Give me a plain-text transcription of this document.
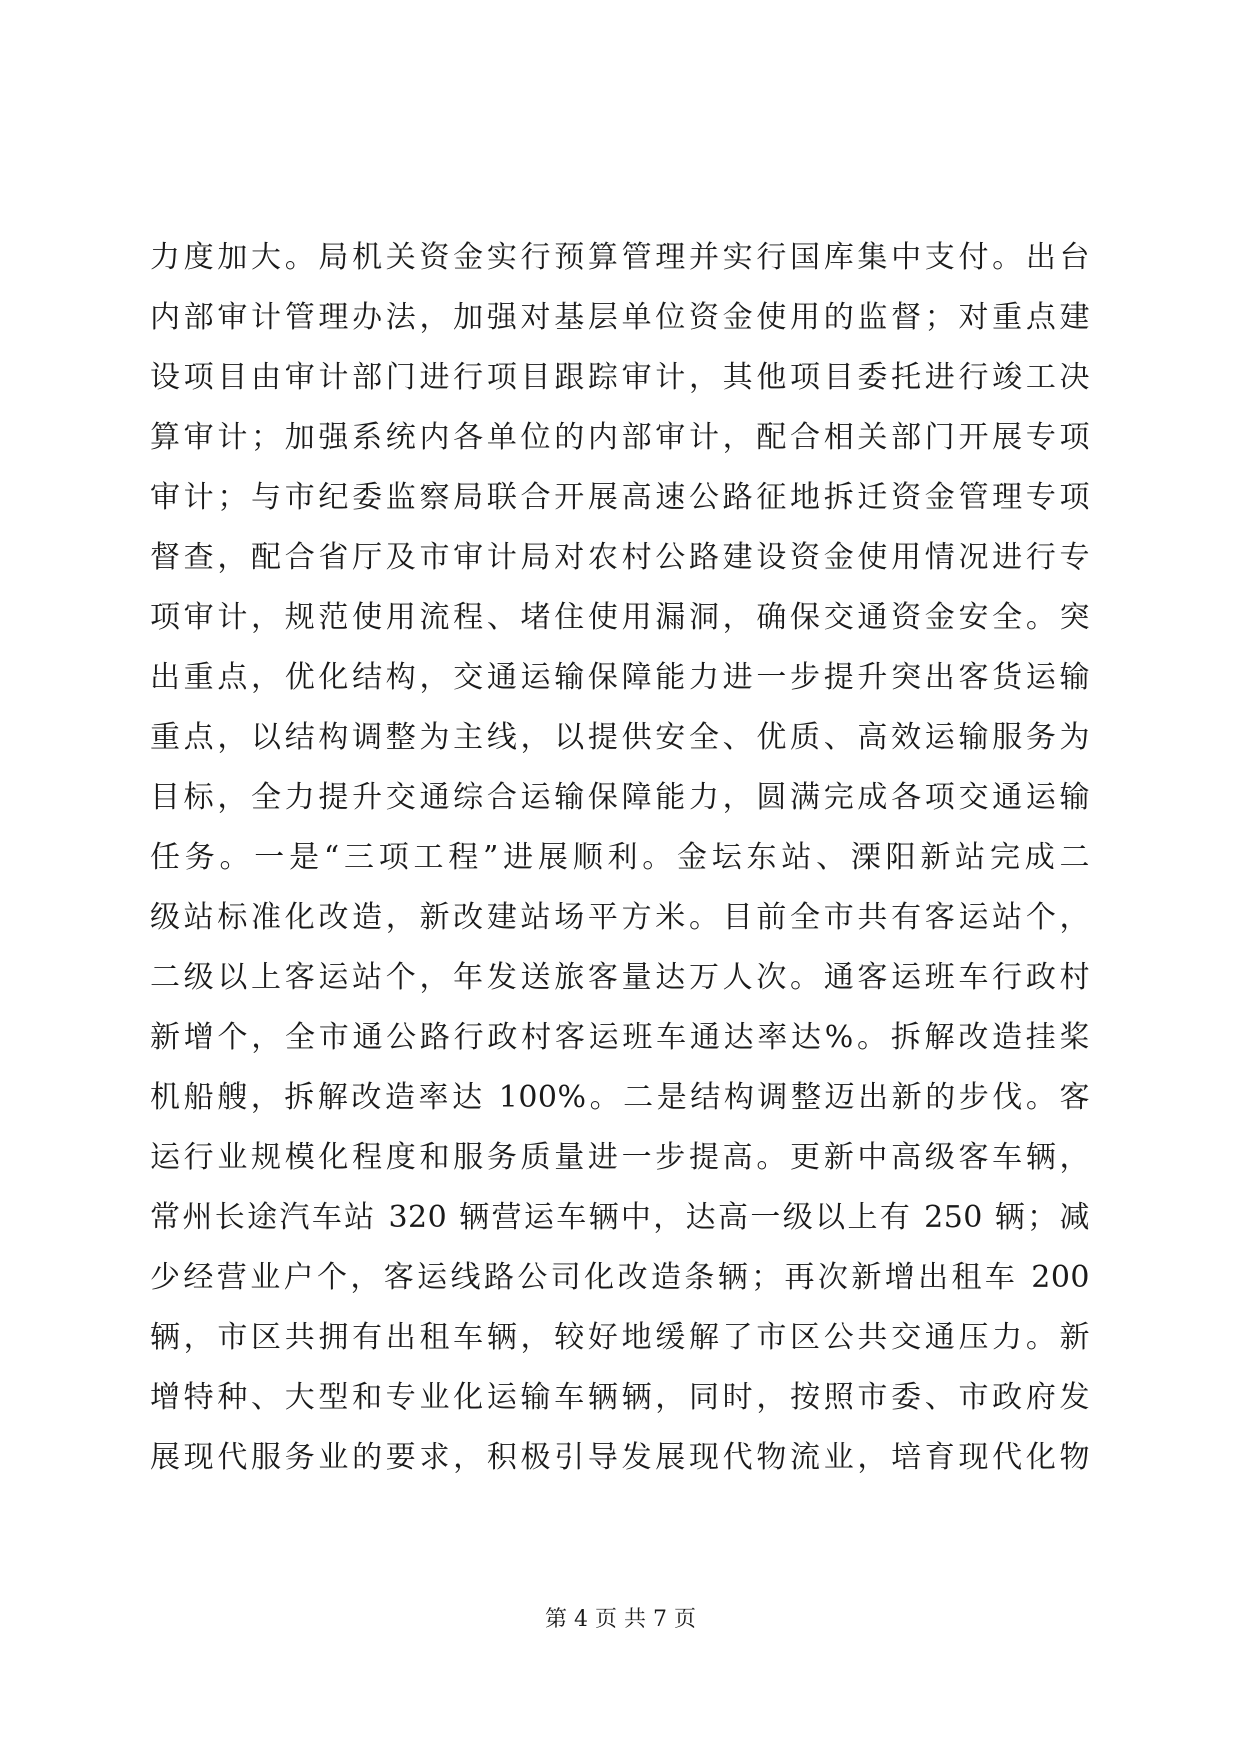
力度加大。局机关资金实行预算管理并实行国库集中支付。出台
内部审计管理办法，加强对基层单位资金使用的监督；对重点建
设项目由审计部门进行项目跟踪审计，其他项目委托进行竣工决
算审计；加强系统内各单位的内部审计，配合相关部门开展专项
审计；与市纪委监察局联合开展高速公路征地拆迁资金管理专项
督查，配合省厅及市审计局对农村公路建设资金使用情况进行专
项审计，规范使用流程、堵住使用漏洞，确保交通资金安全。突
出重点，优化结构，交通运输保障能力进一步提升突出客货运输
重点，以结构调整为主线，以提供安全、优质、高效运输服务为
目标，全力提升交通综合运输保障能力，圆满完成各项交通运输
任务。一是“三项工程”进展顺利。金坛东站、溧阳新站完成二
级站标准化改造，新改建站场平方米。目前全市共有客运站个，
二级以上客运站个，年发送旅客量达万人次。通客运班车行政村
新增个，全市通公路行政村客运班车通达率达%。拆解改造挂桨
机船艘，拆解改造率达 100%。二是结构调整迈出新的步伐。客
运行业规模化程度和服务质量进一步提高。更新中高级客车辆，
常州长途汽车站 320 辆营运车辆中，达高一级以上有 250 辆；减
少经营业户个，客运线路公司化改造条辆；再次新增出租车 200
辆，市区共拥有出租车辆，较好地缓解了市区公共交通压力。新
增特种、大型和专业化运输车辆辆，同时，按照市委、市政府发
展现代服务业的要求，积极引导发展现代物流业，培育现代化物
第 4 页 共 7 页
